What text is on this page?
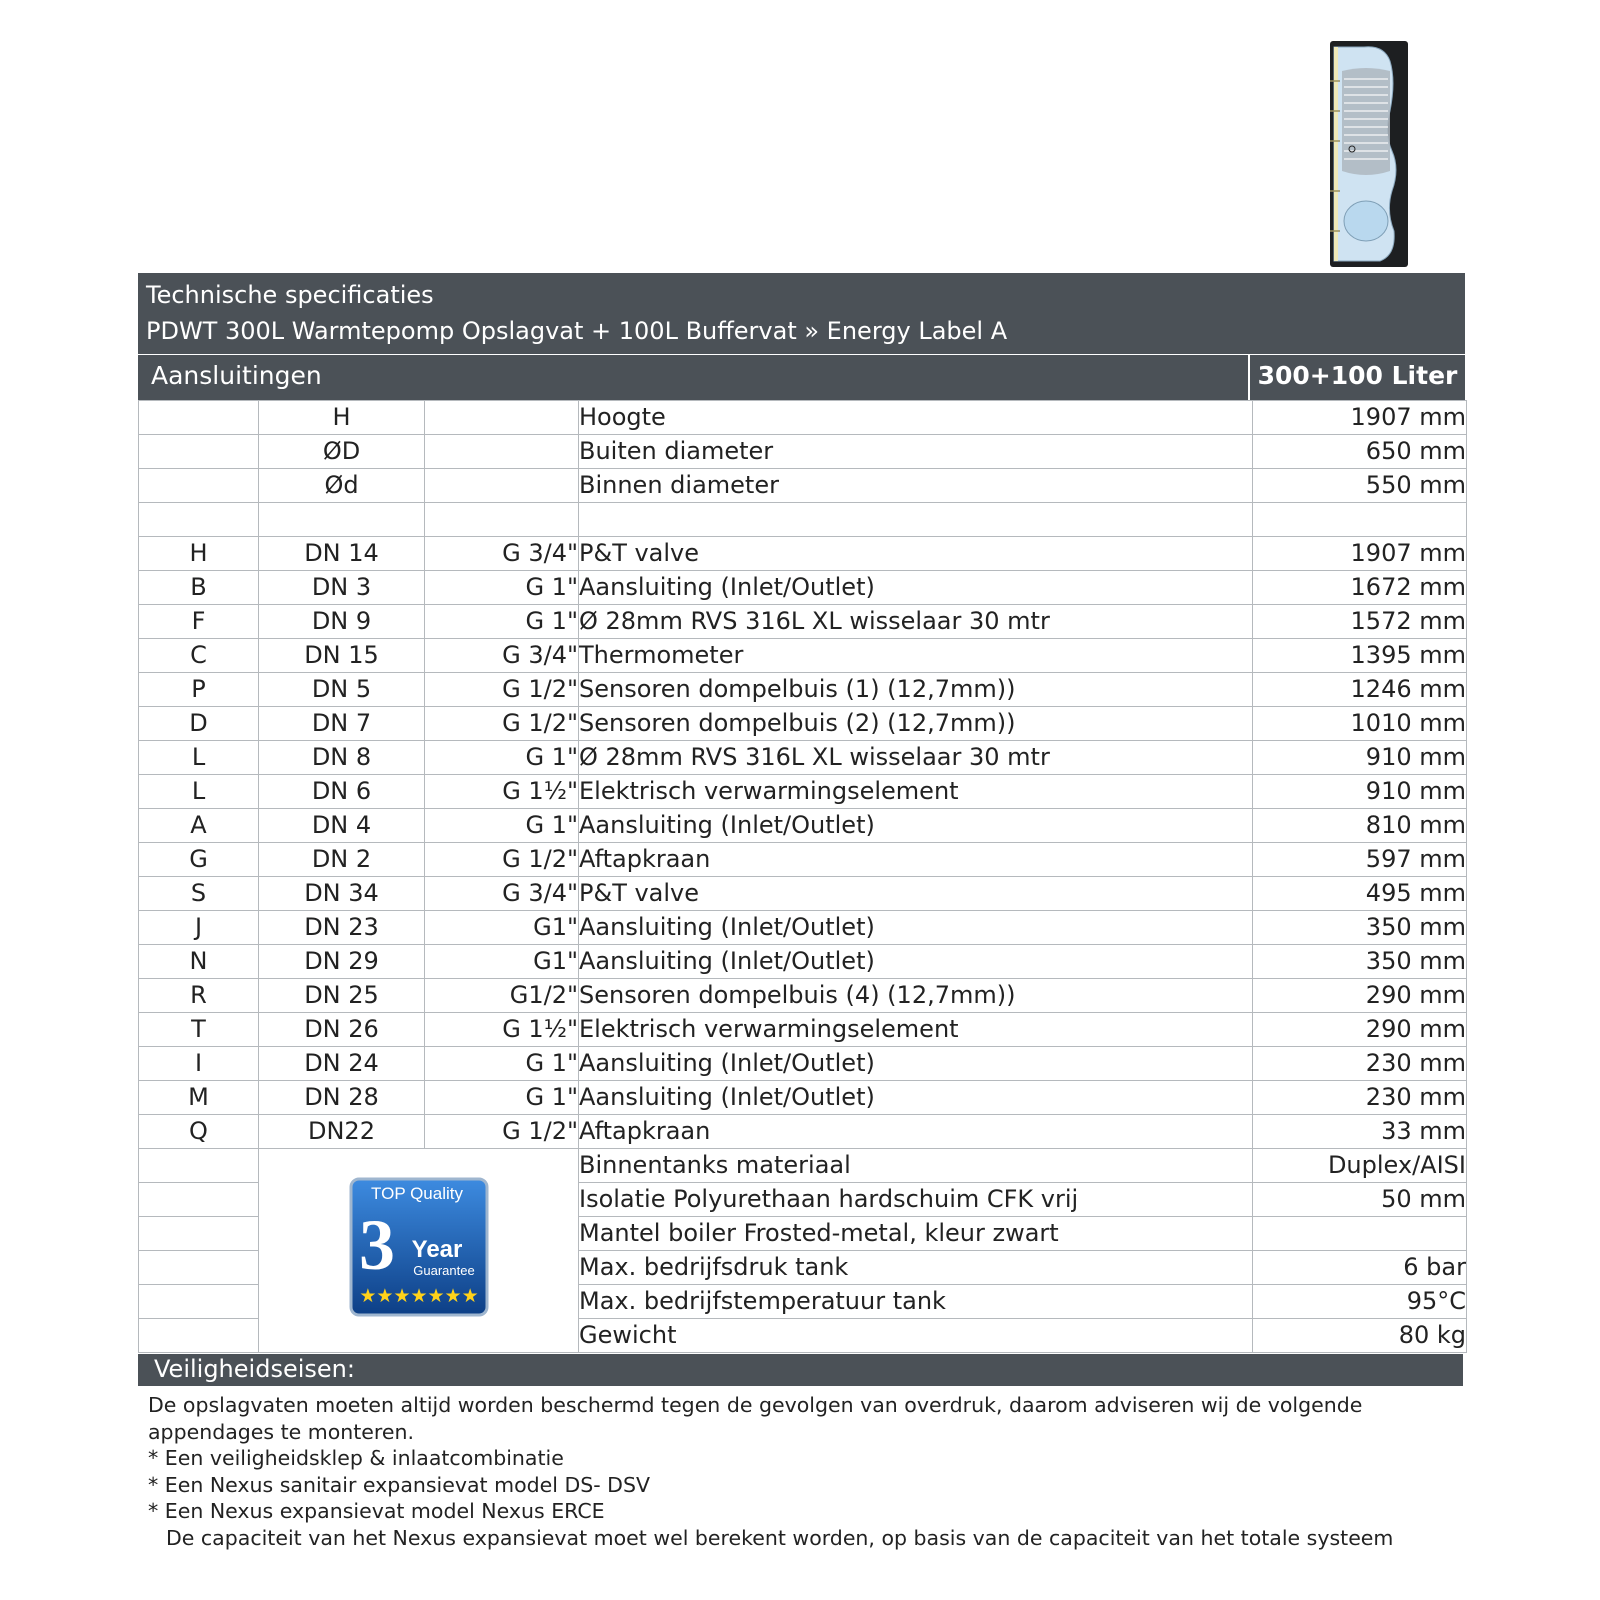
Technische specificaties
PDWT 300L Warmtepomp Opslagvat + 100L Buffervat » Energy Label A
Aansluitingen	300+100 Liter
	H		Hoogte	1907 mm
	ØD		Buiten diameter	650 mm
	Ød		Binnen diameter	550 mm

H	DN 14	G 3/4"	P&T valve	1907 mm
B	DN 3	G 1"	Aansluiting (Inlet/Outlet)	1672 mm
F	DN 9	G 1"	Ø 28mm RVS 316L XL wisselaar 30 mtr	1572 mm
C	DN 15	G 3/4"	Thermometer	1395 mm
P	DN 5	G 1/2"	Sensoren dompelbuis (1) (12,7mm))	1246 mm
D	DN 7	G 1/2"	Sensoren dompelbuis (2) (12,7mm))	1010 mm
L	DN 8	G 1"	Ø 28mm RVS 316L XL wisselaar 30 mtr	910 mm
L	DN 6	G 1½"	Elektrisch verwarmingselement	910 mm
A	DN 4	G 1"	Aansluiting (Inlet/Outlet)	810 mm
G	DN 2	G 1/2"	Aftapkraan	597 mm
S	DN 34	G 3/4"	P&T valve	495 mm
J	DN 23	G1"	Aansluiting (Inlet/Outlet)	350 mm
N	DN 29	G1"	Aansluiting (Inlet/Outlet)	350 mm
R	DN 25	G1/2"	Sensoren dompelbuis (4) (12,7mm))	290 mm
T	DN 26	G 1½"	Elektrisch verwarmingselement	290 mm
I	DN 24	G 1"	Aansluiting (Inlet/Outlet)	230 mm
M	DN 28	G 1"	Aansluiting (Inlet/Outlet)	230 mm
Q	DN22	G 1/2"	Aftapkraan	33 mm

TOP Quality
3 Year
Guarantee
★★★★★★★		Binnentanks materiaal	Duplex/AISI
			Isolatie Polyurethaan hardschuim CFK vrij	50 mm
			Mantel boiler Frosted-metal, kleur zwart	
			Max. bedrijfsdruk tank	6 bar
			Max. bedrijfstemperatuur tank	95°C
			Gewicht	80 kg
Veiligheidseisen:
De opslagvaten moeten altijd worden beschermd tegen de gevolgen van overdruk, daarom adviseren wij de volgende
appendages te monteren.
* Een veiligheidsklep & inlaatcombinatie
* Een Nexus sanitair expansievat model DS- DSV
* Een Nexus expansievat model Nexus ERCE
De capaciteit van het Nexus expansievat moet wel berekent worden, op basis van de capaciteit van het totale systeem
